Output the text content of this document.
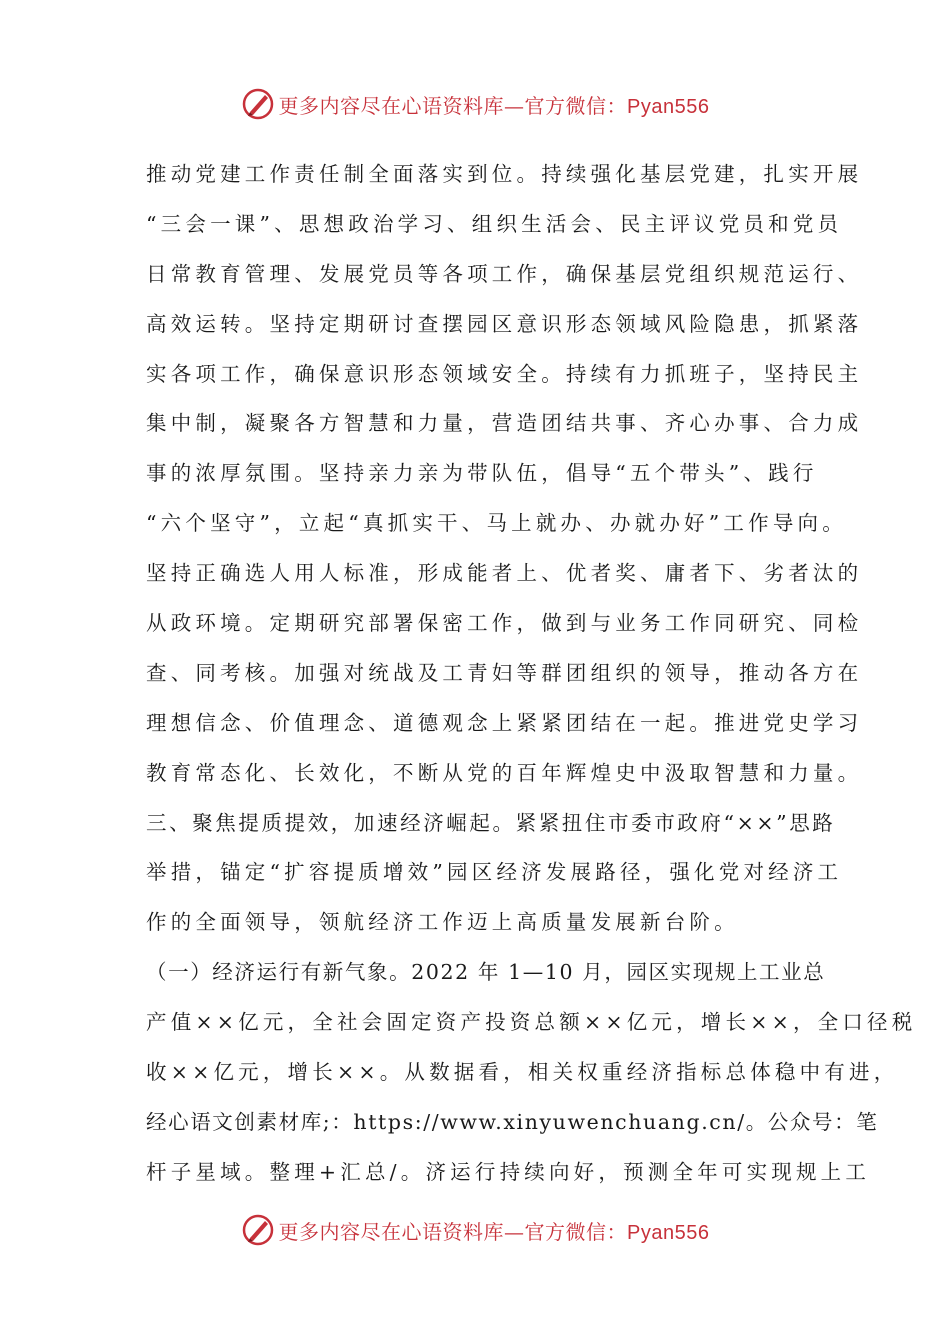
更多内容尽在心语资料库—官方微信：Pyan556
推动党建工作责任制全面落实到位。持续强化基层党建，扎实开展
“三会一课”、思想政治学习、组织生活会、民主评议党员和党员
日常教育管理、发展党员等各项工作，确保基层党组织规范运行、
高效运转。坚持定期研讨查摆园区意识形态领域风险隐患，抓紧落
实各项工作，确保意识形态领域安全。持续有力抓班子，坚持民主
集中制，凝聚各方智慧和力量，营造团结共事、齐心办事、合力成
事的浓厚氛围。坚持亲力亲为带队伍，倡导“五个带头”、践行
“六个坚守”，立起“真抓实干、马上就办、办就办好”工作导向。
坚持正确选人用人标准，形成能者上、优者奖、庸者下、劣者汰的
从政环境。定期研究部署保密工作，做到与业务工作同研究、同检
查、同考核。加强对统战及工青妇等群团组织的领导，推动各方在
理想信念、价值理念、道德观念上紧紧团结在一起。推进党史学习
教育常态化、长效化，不断从党的百年辉煌史中汲取智慧和力量。
三、聚焦提质提效，加速经济崛起。紧紧扭住市委市政府“××”思路
举措，锚定“扩容提质增效”园区经济发展路径，强化党对经济工
作的全面领导，领航经济工作迈上高质量发展新台阶。
（一）经济运行有新气象。2022 年 1—10 月，园区实现规上工业总
产值××亿元，全社会固定资产投资总额××亿元，增长××，全口径税
收××亿元，增长××。从数据看，相关权重经济指标总体稳中有进，
经心语文创素材库;：https://www.xinyuwenchuang.cn/。公众号：笔
杆子星域。整理+汇总/。济运行持续向好，预测全年可实现规上工
更多内容尽在心语资料库—官方微信：Pyan556
